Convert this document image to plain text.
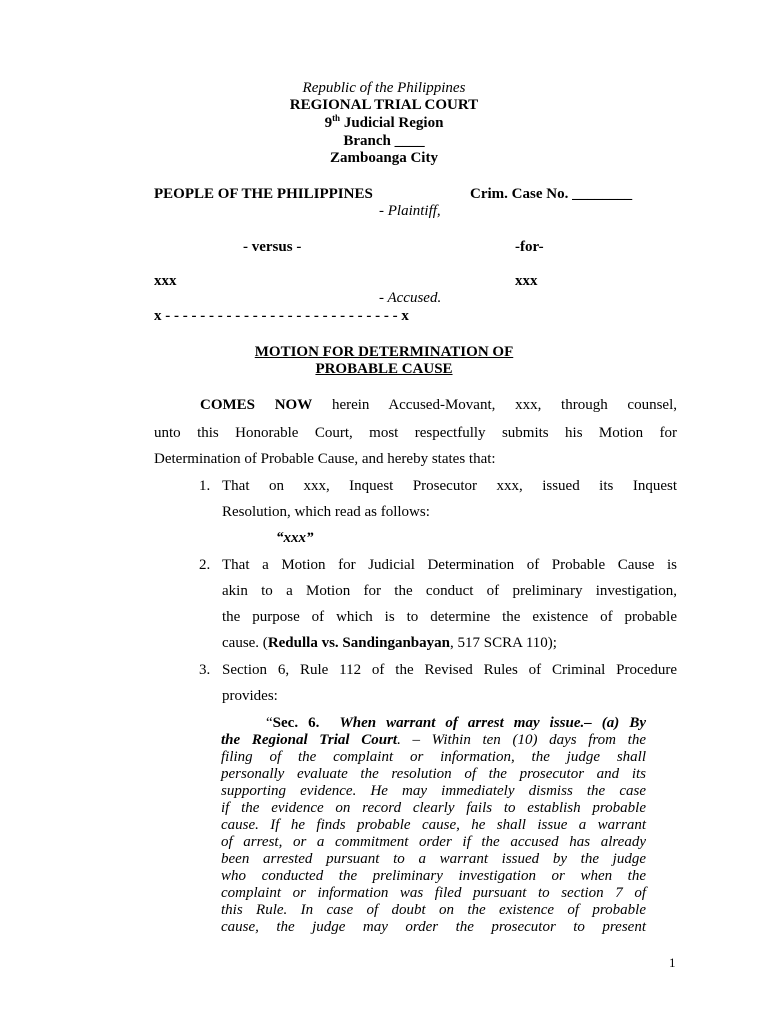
Republic of the Philippines
REGIONAL TRIAL COURT
9th Judicial Region
Branch ____
Zamboanga City
PEOPLE OF THE PHILIPPINES	Crim. Case No. ________
- Plaintiff,
- versus -	-for-
xxx	xxx
- Accused.
x - - - - - - - - - - - - - - - - - - - - - - - - - - - x
MOTION FOR DETERMINATION OF
PROBABLE CAUSE
COMES NOW herein Accused-Movant, xxx, through counsel,
unto this Honorable Court, most respectfully submits his Motion for
Determination of Probable Cause, and hereby states that:
1. That on xxx, Inquest Prosecutor xxx, issued its Inquest
Resolution, which read as follows:
“xxx”
2. That a Motion for Judicial Determination of Probable Cause is
akin to a Motion for the conduct of preliminary investigation,
the purpose of which is to determine the existence of probable
cause. (Redulla vs. Sandinganbayan, 517 SCRA 110);
3. Section 6, Rule 112 of the Revised Rules of Criminal Procedure
provides:
“Sec. 6. When warrant of arrest may issue.– (a) By
the Regional Trial Court. – Within ten (10) days from the
filing of the complaint or information, the judge shall
personally evaluate the resolution of the prosecutor and its
supporting evidence. He may immediately dismiss the case
if the evidence on record clearly fails to establish probable
cause. If he finds probable cause, he shall issue a warrant
of arrest, or a commitment order if the accused has already
been arrested pursuant to a warrant issued by the judge
who conducted the preliminary investigation or when the
complaint or information was filed pursuant to section 7 of
this Rule. In case of doubt on the existence of probable
cause, the judge may order the prosecutor to present
1
